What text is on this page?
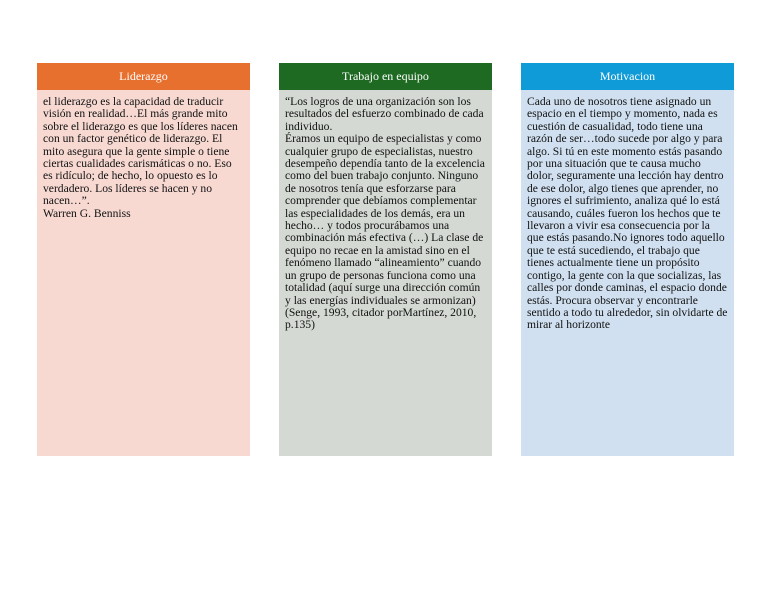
Liderazgo
el liderazgo es la capacidad de traducir visión en realidad…El más grande mito sobre el liderazgo es que los líderes nacen con un factor genético de liderazgo. El mito asegura que la gente simple o tiene ciertas cualidades carismáticas o no. Eso es ridículo; de hecho, lo opuesto es lo verdadero. Los líderes se hacen y no nacen…”.
Warren G. Benniss
Trabajo en equipo
“Los logros de una organización son los resultados del esfuerzo combinado de cada individuo.
Éramos un equipo de especialistas y como cualquier grupo de especialistas, nuestro desempeño dependía tanto de la excelencia como del buen trabajo conjunto. Ninguno de nosotros tenía que esforzarse para comprender que debíamos complementar las especialidades de los demás, era un hecho… y todos procurábamos una combinación más efectiva (…) La clase de equipo no recae en la amistad sino en el fenómeno llamado “alineamiento” cuando un grupo de personas funciona como una totalidad (aquí surge una dirección común y las energías individuales se armonizan) (Senge, 1993, citador porMartínez, 2010, p.135)
Motivacion
Cada uno de nosotros tiene asignado un espacio en el tiempo y momento, nada es cuestión de casualidad, todo tiene una razón de ser…todo sucede por algo y para algo. Si tú en este momento estás pasando por una situación que te causa mucho dolor, seguramente una lección hay dentro de ese dolor, algo tienes que aprender, no ignores el sufrimiento, analiza qué lo está causando, cuáles fueron los hechos que te llevaron a vivir esa consecuencia por la que estás pasando.No ignores todo aquello que te está sucediendo, el trabajo que tienes actualmente tiene un propósito contigo, la gente con la que socializas, las calles por donde caminas, el espacio donde estás. Procura observar y encontrarle sentido a todo tu alrededor, sin olvidarte de mirar al horizonte
